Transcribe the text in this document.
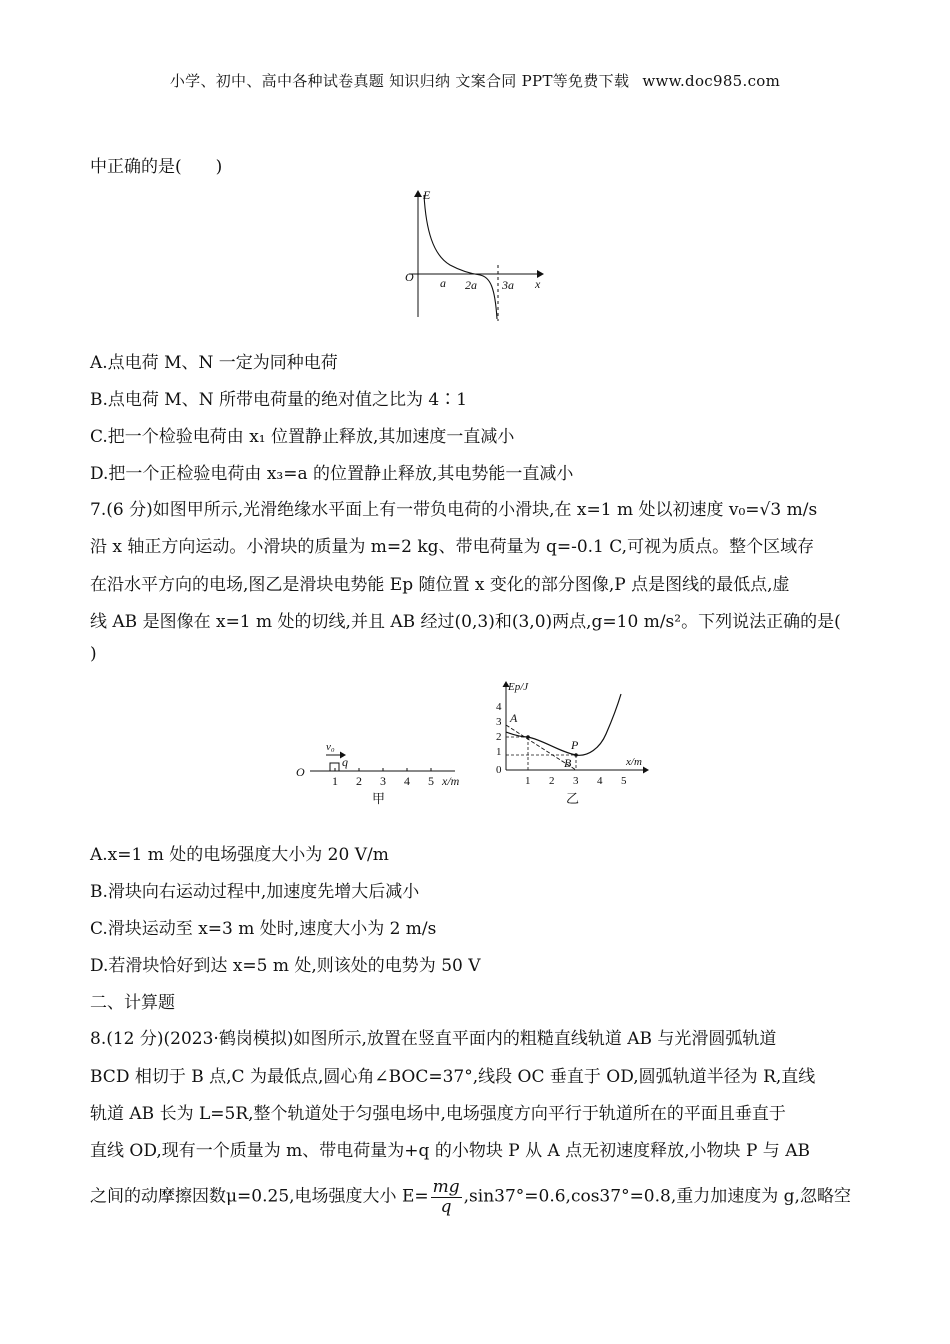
小学、初中、高中各种试卷真题 知识归纳 文案合同 PPT等免费下载 www.doc985.com
中正确的是(　　)
E
O	x
a 2a 3a
A.点电荷 M、N 一定为同种电荷
B.点电荷 M、N 所带电荷量的绝对值之比为 4∶1
C.把一个检验电荷由 x₁ 位置静止释放,其加速度一直减小
D.把一个正检验电荷由 x₃=a 的位置静止释放,其电势能一直减小
7.(6 分)如图甲所示,光滑绝缘水平面上有一带负电荷的小滑块,在 x=1 m 处以初速度 v₀=√3 m/s
沿 x 轴正方向运动。小滑块的质量为 m=2 kg、带电荷量为 q=-0.1 C,可视为质点。整个区域存
在沿水平方向的电场,图乙是滑块电势能 Ep 随位置 x 变化的部分图像,P 点是图线的最低点,虚
线 AB 是图像在 x=1 m 处的切线,并且 AB 经过(0,3)和(3,0)两点,g=10 m/s²。下列说法正确的是(
)
O
1 2 3 4 5 x/m
v₀
q
甲
Ep/J
x/m
4
3
2
1
0
1 2 3 4 5
A
B
P
乙
A.x=1 m 处的电场强度大小为 20 V/m
B.滑块向右运动过程中,加速度先增大后减小
C.滑块运动至 x=3 m 处时,速度大小为 2 m/s
D.若滑块恰好到达 x=5 m 处,则该处的电势为 50 V
二、计算题
8.(12 分)(2023·鹤岗模拟)如图所示,放置在竖直平面内的粗糙直线轨道 AB 与光滑圆弧轨道
BCD 相切于 B 点,C 为最低点,圆心角∠BOC=37°,线段 OC 垂直于 OD,圆弧轨道半径为 R,直线
轨道 AB 长为 L=5R,整个轨道处于匀强电场中,电场强度方向平行于轨道所在的平面且垂直于
直线 OD,现有一个质量为 m、带电荷量为+q 的小物块 P 从 A 点无初速度释放,小物块 P 与 AB
之间的动摩擦因数μ=0.25,电场强度大小 $E= \frac{mg}{q} ,\sin 37^\circ=0.6,\cos 37^\circ=0.8$,重力加速度为 g,忽略空
